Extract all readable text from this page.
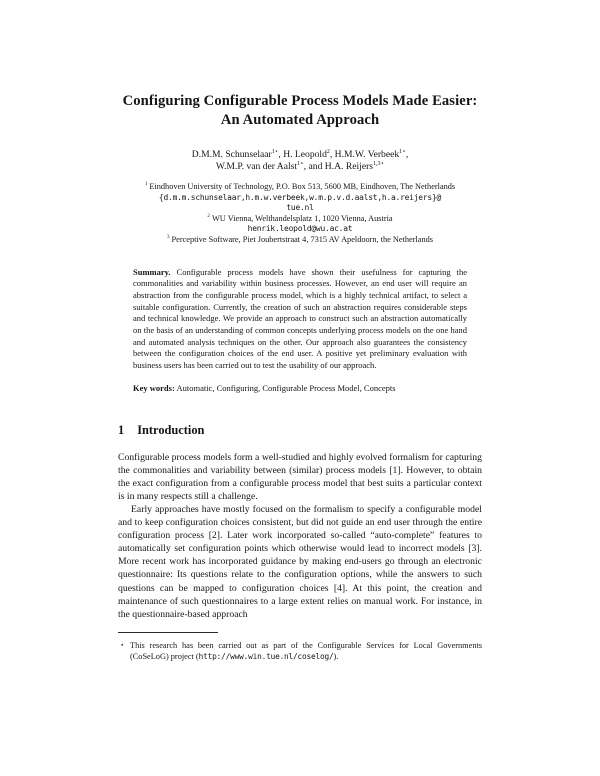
Configuring Configurable Process Models Made Easier:
An Automated Approach
D.M.M. Schunselaar$^{1⋆}$, H. Leopold$^2$, H.M.W. Verbeek$^{1⋆}$,
W.M.P. van der Aalst$^{1⋆}$, and H.A. Reijers$^{1,3⋆}$
$^1$ Eindhoven University of Technology, P.O. Box 513, 5600 MB, Eindhoven, The Netherlands
{d.m.m.schunselaar,h.m.w.verbeek,w.m.p.v.d.aalst,h.a.reijers}@
tue.nl
$^2$ WU Vienna, Welthandelsplatz 1, 1020 Vienna, Austria
henrik.leopold@wu.ac.at
$^3$ Perceptive Software, Piet Joubertstraat 4, 7315 AV Apeldoorn, the Netherlands
Summary. Configurable process models have shown their usefulness for capturing the commonalities and variability within business processes. However, an end user will require an abstraction from the configurable process model, which is a highly technical artifact, to select a suitable configuration. Currently, the creation of such an abstraction requires considerable steps and technical knowledge. We provide an approach to construct such an abstraction automatically on the basis of an understanding of common concepts underlying process models on the one hand and automated analysis techniques on the other. Our approach also guarantees the consistency between the configuration choices of the end user. A positive yet preliminary evaluation with business users has been carried out to test the usability of our approach.
Key words: Automatic, Configuring, Configurable Process Model, Concepts
1 Introduction

Configurable process models form a well-studied and highly evolved formalism for capturing the commonalities and variability between (similar) process models [1]. However, to obtain the exact configuration from a configurable process model that best suits a particular context is in many respects still a challenge.

Early approaches have mostly focused on the formalism to specify a configurable model and to keep configuration choices consistent, but did not guide an end user through the entire configuration process [2]. Later work incorporated so-called “auto-complete” features to automatically set configuration points which otherwise would lead to incorrect models [3]. More recent work has incorporated guidance by making end-users go through an electronic questionnaire: Its questions relate to the configuration options, while the answers to such questions can be mapped to configuration choices [4]. At this point, the creation and maintenance of such questionnaires to a large extent relies on manual work. For instance, in the questionnaire-based approach

⋆ This research has been carried out as part of the Configurable Services for Local Governments (CoSeLoG) project (http://www.win.tue.nl/coselog/).
